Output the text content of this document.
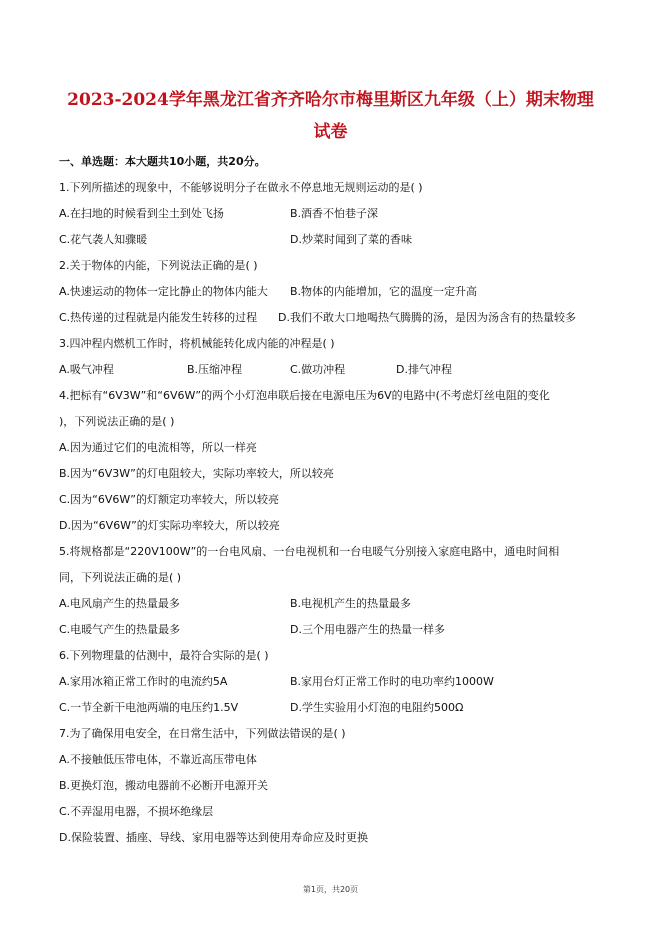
2023-2024学年黑龙江省齐齐哈尔市梅里斯区九年级（上）期末物理
试卷
一、单选题：本大题共10小题，共20分。
1.下列所描述的现象中，不能够说明分子在做永不停息地无规则运动的是( )
A.在扫地的时候看到尘土到处飞扬	B.酒香不怕巷子深
C.花气袭人知骤暖	D.炒菜时闻到了菜的香味
2.关于物体的内能，下列说法正确的是( )
A.快速运动的物体一定比静止的物体内能大 B.物体的内能增加，它的温度一定升高
C.热传递的过程就是内能发生转移的过程 D.我们不敢大口地喝热气腾腾的汤，是因为汤含有的热量较多
3.四冲程内燃机工作时，将机械能转化成内能的冲程是( )
A.吸气冲程	B.压缩冲程	C.做功冲程	D.排气冲程
4.把标有“6V3W”和“6V6W”的两个小灯泡串联后接在电源电压为6V的电路中(不考虑灯丝电阻的变化
)，下列说法正确的是( )
A.因为通过它们的电流相等，所以一样亮
B.因为“6V3W”的灯电阻较大，实际功率较大，所以较亮
C.因为“6V6W”的灯额定功率较大，所以较亮
D.因为“6V6W”的灯实际功率较大，所以较亮
5.将规格都是“220V100W”的一台电风扇、一台电视机和一台电暖气分别接入家庭电路中，通电时间相
同，下列说法正确的是( )
A.电风扇产生的热量最多	B.电视机产生的热量最多
C.电暖气产生的热量最多	D.三个用电器产生的热量一样多
6.下列物理量的估测中，最符合实际的是( )
A.家用冰箱正常工作时的电流约5A	B.家用台灯正常工作时的电功率约1000W
C.一节全新干电池两端的电压约1.5V	D.学生实验用小灯泡的电阻约500Ω
7.为了确保用电安全，在日常生活中，下列做法错误的是( )
A.不接触低压带电体，不靠近高压带电体
B.更换灯泡，搬动电器前不必断开电源开关
C.不弄湿用电器，不损坏绝缘层
D.保险装置、插座、导线、家用电器等达到使用寿命应及时更换
第1页，共20页
